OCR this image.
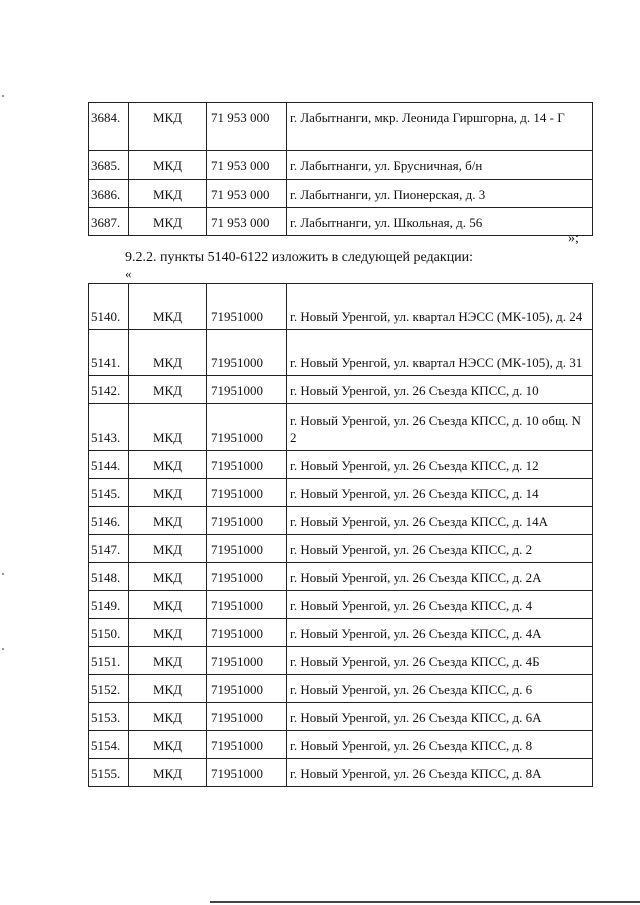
3684.	МКД	71 953 000	г. Лабытнанги, мкр. Леонида Гиршгорна, д. 14 - Г
3685.	МКД	71 953 000	г. Лабытнанги, ул. Брусничная, б/н
3686.	МКД	71 953 000	г. Лабытнанги, ул. Пионерская, д. 3
3687.	МКД	71 953 000	г. Лабытнанги, ул. Школьная, д. 56
»;
9.2.2. пункты 5140-6122 изложить в следующей редакции:
«
5140.	МКД	71951000	г. Новый Уренгой, ул. квартал НЭСС (МК-105), д. 24
5141.	МКД	71951000	г. Новый Уренгой, ул. квартал НЭСС (МК-105), д. 31
5142.	МКД	71951000	г. Новый Уренгой, ул. 26 Съезда КПСС, д. 10
5143.	МКД	71951000	г. Новый Уренгой, ул. 26 Съезда КПСС, д. 10 общ. N 2
5144.	МКД	71951000	г. Новый Уренгой, ул. 26 Съезда КПСС, д. 12
5145.	МКД	71951000	г. Новый Уренгой, ул. 26 Съезда КПСС, д. 14
5146.	МКД	71951000	г. Новый Уренгой, ул. 26 Съезда КПСС, д. 14А
5147.	МКД	71951000	г. Новый Уренгой, ул. 26 Съезда КПСС, д. 2
5148.	МКД	71951000	г. Новый Уренгой, ул. 26 Съезда КПСС, д. 2А
5149.	МКД	71951000	г. Новый Уренгой, ул. 26 Съезда КПСС, д. 4
5150.	МКД	71951000	г. Новый Уренгой, ул. 26 Съезда КПСС, д. 4А
5151.	МКД	71951000	г. Новый Уренгой, ул. 26 Съезда КПСС, д. 4Б
5152.	МКД	71951000	г. Новый Уренгой, ул. 26 Съезда КПСС, д. 6
5153.	МКД	71951000	г. Новый Уренгой, ул. 26 Съезда КПСС, д. 6А
5154.	МКД	71951000	г. Новый Уренгой, ул. 26 Съезда КПСС, д. 8
5155.	МКД	71951000	г. Новый Уренгой, ул. 26 Съезда КПСС, д. 8А
